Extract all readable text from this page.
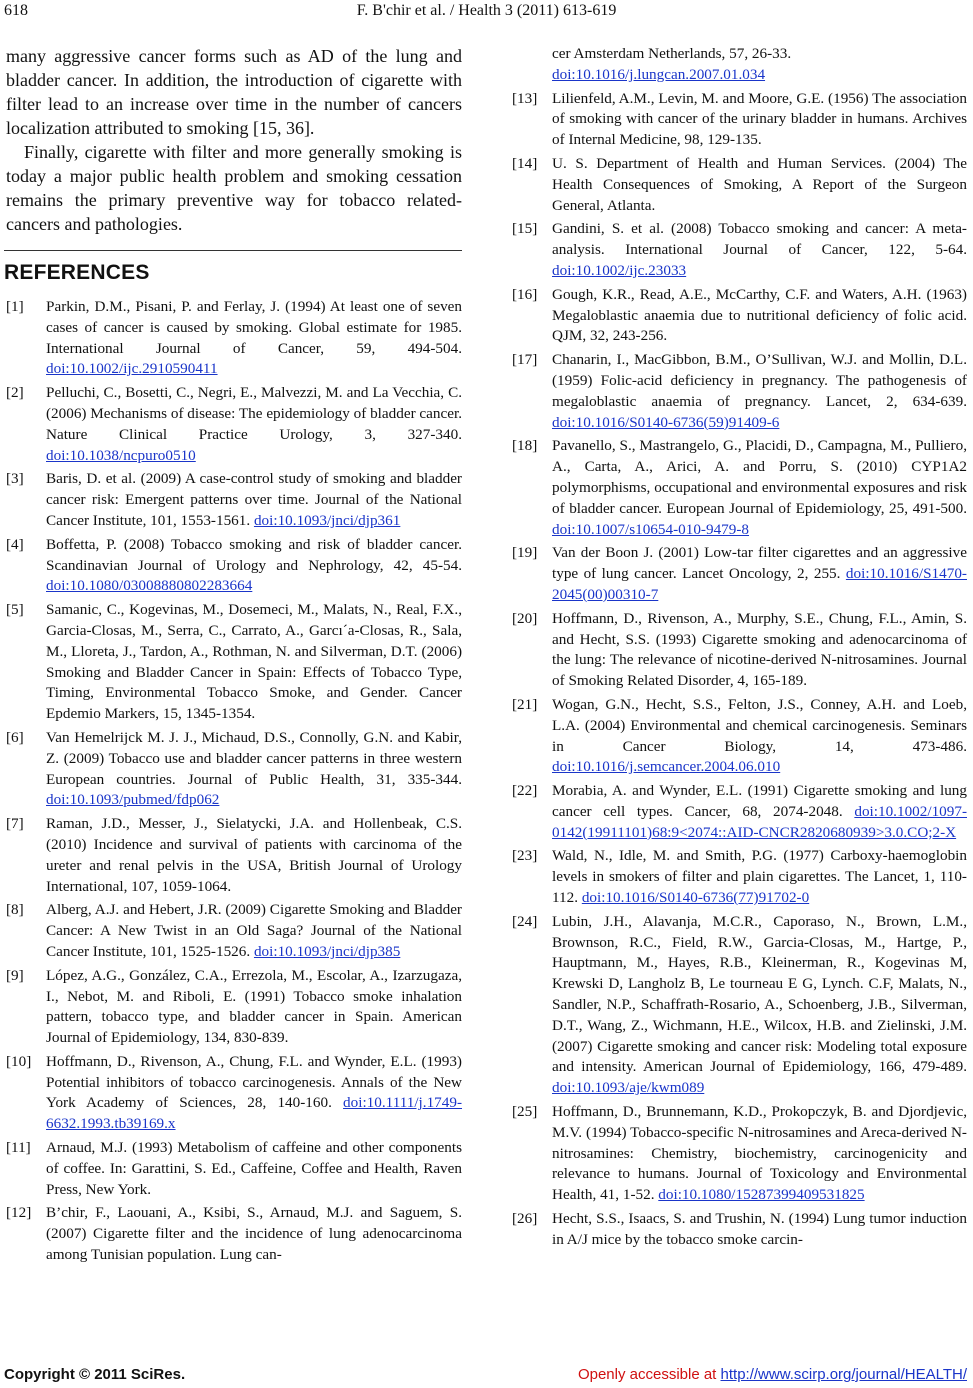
618	F. B'chir et al. / Health 3 (2011) 613-619

many aggressive cancer forms such as AD of the lung and bladder cancer. In addition, the introduction of cigarette with filter lead to an increase over time in the number of cancers localization attributed to smoking [15, 36].

Finally, cigarette with filter and more generally smoking is today a major public health problem and smoking cessation remains the primary preventive way for tobacco related-cancers and pathologies.

REFERENCES
[1]	Parkin, D.M., Pisani, P. and Ferlay, J. (1994) At least one of seven cases of cancer is caused by smoking. Global estimate for 1985. International Journal of Cancer, 59, 494-504. doi:10.1002/ijc.2910590411
[2]	Pelluchi, C., Bosetti, C., Negri, E., Malvezzi, M. and La Vecchia, C. (2006) Mechanisms of disease: The epidemiology of bladder cancer. Nature Clinical Practice Urology, 3, 327-340. doi:10.1038/ncpuro0510
[3]	Baris, D. et al. (2009) A case-control study of smoking and bladder cancer risk: Emergent patterns over time. Journal of the National Cancer Institute, 101, 1553-1561. doi:10.1093/jnci/djp361
[4]	Boffetta, P. (2008) Tobacco smoking and risk of bladder cancer. Scandinavian Journal of Urology and Nephrology, 42, 45-54. doi:10.1080/03008880802283664
[5]	Samanic, C., Kogevinas, M., Dosemeci, M., Malats, N., Real, F.X., Garcia-Closas, M., Serra, C., Carrato, A., Garcı´a-Closas, R., Sala, M., Lloreta, J., Tardon, A., Rothman, N. and Silverman, D.T. (2006) Smoking and Bladder Cancer in Spain: Effects of Tobacco Type, Timing, Environmental Tobacco Smoke, and Gender. Cancer Epdemio Markers, 15, 1345-1354.
[6]	Van Hemelrijck M. J. J., Michaud, D.S., Connolly, G.N. and Kabir, Z. (2009) Tobacco use and bladder cancer patterns in three western European countries. Journal of Public Health, 31, 335-344. doi:10.1093/pubmed/fdp062
[7]	Raman, J.D., Messer, J., Sielatycki, J.A. and Hollenbeak, C.S. (2010) Incidence and survival of patients with carcinoma of the ureter and renal pelvis in the USA, British Journal of Urology International, 107, 1059-1064.
[8]	Alberg, A.J. and Hebert, J.R. (2009) Cigarette Smoking and Bladder Cancer: A New Twist in an Old Saga? Journal of the National Cancer Institute, 101, 1525-1526. doi:10.1093/jnci/djp385
[9]	López, A.G., González, C.A., Errezola, M., Escolar, A., Izarzugaza, I., Nebot, M. and Riboli, E. (1991) Tobacco smoke inhalation pattern, tobacco type, and bladder cancer in Spain. American Journal of Epidemiology, 134, 830-839.
[10] Hoffmann, D., Rivenson, A., Chung, F.L. and Wynder, E.L. (1993) Potential inhibitors of tobacco carcinogenesis. Annals of the New York Academy of Sciences, 28, 140-160. doi:10.1111/j.1749-6632.1993.tb39169.x
[11]	Arnaud, M.J. (1993) Metabolism of caffeine and other components of coffee. In: Garattini, S. Ed., Caffeine, Coffee and Health, Raven Press, New York.
[12] B’chir, F., Laouani, A., Ksibi, S., Arnaud, M.J. and Saguem, S. (2007) Cigarette filter and the incidence of lung adenocarcinoma among Tunisian population. Lung can-
cer Amsterdam Netherlands, 57, 26-33.
doi:10.1016/j.lungcan.2007.01.034
[13] Lilienfeld, A.M., Levin, M. and Moore, G.E. (1956) The association of smoking with cancer of the urinary bladder in humans. Archives of Internal Medicine, 98, 129-135.
[14] U. S. Department of Health and Human Services. (2004) The Health Consequences of Smoking, A Report of the Surgeon General, Atlanta.
[15] Gandini, S. et al. (2008) Tobacco smoking and cancer: A meta-analysis. International Journal of Cancer, 122, 5-64. doi:10.1002/ijc.23033
[16] Gough, K.R., Read, A.E., McCarthy, C.F. and Waters, A.H. (1963) Megaloblastic anaemia due to nutritional deficiency of folic acid. QJM, 32, 243-256.
[17] Chanarin, I., MacGibbon, B.M., O’Sullivan, W.J. and Mollin, D.L. (1959) Folic-acid deficiency in pregnancy. The pathogenesis of megaloblastic anaemia of pregnancy. Lancet, 2, 634-639. doi:10.1016/S0140-6736(59)91409-6
[18] Pavanello, S., Mastrangelo, G., Placidi, D., Campagna, M., Pulliero, A., Carta, A., Arici, A. and Porru, S. (2010) CYP1A2 polymorphisms, occupational and environmental exposures and risk of bladder cancer. European Journal of Epidemiology, 25, 491-500. doi:10.1007/s10654-010-9479-8
[19] Van der Boon J. (2001) Low-tar filter cigarettes and an aggressive type of lung cancer. Lancet Oncology, 2, 255. doi:10.1016/S1470-2045(00)00310-7
[20] Hoffmann, D., Rivenson, A., Murphy, S.E., Chung, F.L., Amin, S. and Hecht, S.S. (1993) Cigarette smoking and adenocarcinoma of the lung: The relevance of nicotine-derived N-nitrosamines. Journal of Smoking Related Disorder, 4, 165-189.
[21] Wogan, G.N., Hecht, S.S., Felton, J.S., Conney, A.H. and Loeb, L.A. (2004) Environmental and chemical carcinogenesis. Seminars in Cancer Biology, 14, 473-486. doi:10.1016/j.semcancer.2004.06.010
[22] Morabia, A. and Wynder, E.L. (1991) Cigarette smoking and lung cancer cell types. Cancer, 68, 2074-2048. doi:10.1002/1097-0142(19911101)68:9<2074::AID-CNCR2820680939>3.0.CO;2-X
[23] Wald, N., Idle, M. and Smith, P.G. (1977) Carboxy-haemoglobin levels in smokers of filter and plain cigarettes. The Lancet, 1, 110-112. doi:10.1016/S0140-6736(77)91702-0
[24] Lubin, J.H., Alavanja, M.C.R., Caporaso, N., Brown, L.M., Brownson, R.C., Field, R.W., Garcia-Closas, M., Hartge, P., Hauptmann, M., Hayes, R.B., Kleinerman, R., Kogevinas M, Krewski D, Langholz B, Le tourneau E G, Lynch. C.F, Malats, N., Sandler, N.P., Schaffrath-Rosario, A., Schoenberg, J.B., Silverman, D.T., Wang, Z., Wichmann, H.E., Wilcox, H.B. and Zielinski, J.M. (2007) Cigarette smoking and cancer risk: Modeling total exposure and intensity. American Journal of Epidemiology, 166, 479-489. doi:10.1093/aje/kwm089
[25] Hoffmann, D., Brunnemann, K.D., Prokopczyk, B. and Djordjevic, M.V. (1994) Tobacco-specific N-nitrosamines and Areca-derived N-nitrosamines: Chemistry, biochemistry, carcinogenicity and relevance to humans. Journal of Toxicology and Environmental Health, 41, 1-52. doi:10.1080/15287399409531825
[26] Hecht, S.S., Isaacs, S. and Trushin, N. (1994) Lung tumor induction in A/J mice by the tobacco smoke carcin-
Copyright © 2011 SciRes.	Openly accessible at http://www.scirp.org/journal/HEALTH/
